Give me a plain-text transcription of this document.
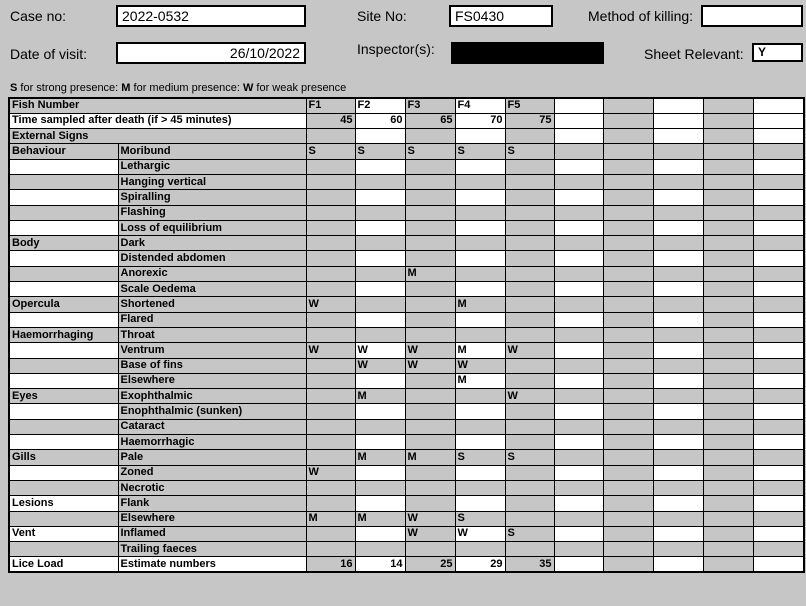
Case no:	2022-0532	Site No:	FS0430	Method of killing:
Date of visit:	26/10/2022	Inspector(s):	Sheet Relevant:	Y
S for strong presence: M for medium presence: W for weak presence
Fish Number		F1	F2	F3	F4	F5					
Time sampled after death (if > 45 minutes)		45	60	65	70	75					
External Signs											
Behaviour	Moribund	S	S	S	S	S					
	Lethargic										
	Hanging vertical										
	Spiralling										
	Flashing										
	Loss of equilibrium										
Body	Dark										
	Distended abdomen										
	Anorexic			M							
	Scale Oedema										
Opercula	Shortened	W			M						
	Flared										
Haemorrhaging	Throat										
	Ventrum	W	W	W	M	W					
	Base of fins		W	W	W						
	Elsewhere				M						
Eyes	Exophthalmic		M			W					
	Enophthalmic (sunken)										
	Cataract										
	Haemorrhagic										
Gills	Pale		M	M	S	S					
	Zoned	W									
	Necrotic										
Lesions	Flank										
	Elsewhere	M	M	W	S						
Vent	Inflamed			W	W	S					
	Trailing faeces										
Lice Load	Estimate numbers	16	14	25	29	35					
